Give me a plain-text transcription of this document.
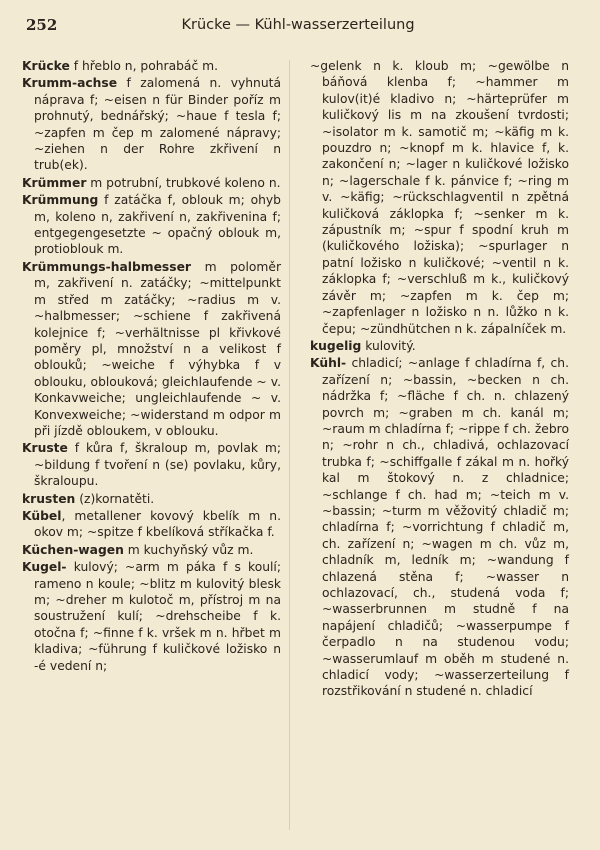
252	Krücke — Kühl-wasserzerteilung

Krücke f hřeblo n, pohrabáč m.

Krumm-achse f zalomená n. vyhnutá náprava f; ~eisen n für Binder poříz m prohnutý, bednářský; ~haue f tesla f; ~zapfen m čep m zalomené nápravy; ~ziehen n der Rohre zkřivení n trub(ek).

Krümmer m potrubní, trubkové koleno n.

Krümmung f zatáčka f, oblouk m; ohyb m, koleno n, zakřivení n, zakřivenina f; entgegengesetzte ~ opačný oblouk m, protioblouk m.

Krümmungs-halbmesser m poloměr m, zakřivení n. zatáčky; ~mittelpunkt m střed m zatáčky; ~radius m v. ~halbmesser; ~schiene f zakřivená kolejnice f; ~verhältnisse pl křivkové poměry pl, množství n a velikost f oblouků; ~weiche f výhybka f v oblouku, oblouková; gleichlaufende ~ v. Konkavweiche; ungleichlaufende ~ v. Konvexweiche; ~widerstand m odpor m při jízdě obloukem, v oblouku.

Kruste f kůra f, škraloup m, povlak m; ~bildung f tvoření n (se) povlaku, kůry, škraloupu.

krusten (z)kornatěti.

Kübel, metallener kovový kbelík m n. okov m; ~spitze f kbelíková stříkačka f.

Küchen-wagen m kuchyňský vůz m.

Kugel- kulový; ~arm m páka f s koulí; rameno n koule; ~blitz m kulovitý blesk m; ~dreher m kulotoč m, přístroj m na soustružení kulí; ~drehscheibe f k. otočna f; ~finne f k. vršek m n. hřbet m kladiva; ~führung f kuličkové ložisko n -é vedení n;

~gelenk n k. kloub m; ~gewölbe n báňová klenba f; ~hammer m kulov(it)é kladivo n; ~härteprüfer m kuličkový lis m na zkoušení tvrdosti; ~isolator m k. samotič m; ~käfig m k. pouzdro n; ~knopf m k. hlavice f, k. zakončení n; ~lager n kuličkové ložisko n; ~lagerschale f k. pánvice f; ~ring m v. ~käfig; ~rückschlagventil n zpětná kuličková záklopka f; ~senker m k. zápustník m; ~spur f spodní kruh m (kuličkového ložiska); ~spurlager n patní ložisko n kuličkové; ~ventil n k. záklopka f; ~verschluß m k., kuličkový závěr m; ~zapfen m k. čep m; ~zapfenlager n ložisko n n. lůžko n k. čepu; ~zündhütchen n k. zápalníček m.

kugelig kulovitý.

Kühl- chladicí; ~anlage f chladírna f, ch. zařízení n; ~bassin, ~becken n ch. nádržka f; ~fläche f ch. n. chlazený povrch m; ~graben m ch. kanál m; ~raum m chladírna f; ~rippe f ch. žebro n; ~rohr n ch., chladivá, ochlazovací trubka f; ~schiffgalle f zákal m n. hořký kal m štokový n. z chladnice; ~schlange f ch. had m; ~teich m v. ~bassin; ~turm m věžovitý chladič m; chladírna f; ~vorrichtung f chladič m, ch. zařízení n; ~wagen m ch. vůz m, chladník m, ledník m; ~wandung f chlazená stěna f; ~wasser n ochlazovací, ch., studená voda f; ~wasserbrunnen m studně f na napájení chladičů; ~wasserpumpe f čerpadlo n na studenou vodu; ~wasserumlauf m oběh m studené n. chladicí vody; ~wasserzerteilung f rozstřikování n studené n. chladicí
